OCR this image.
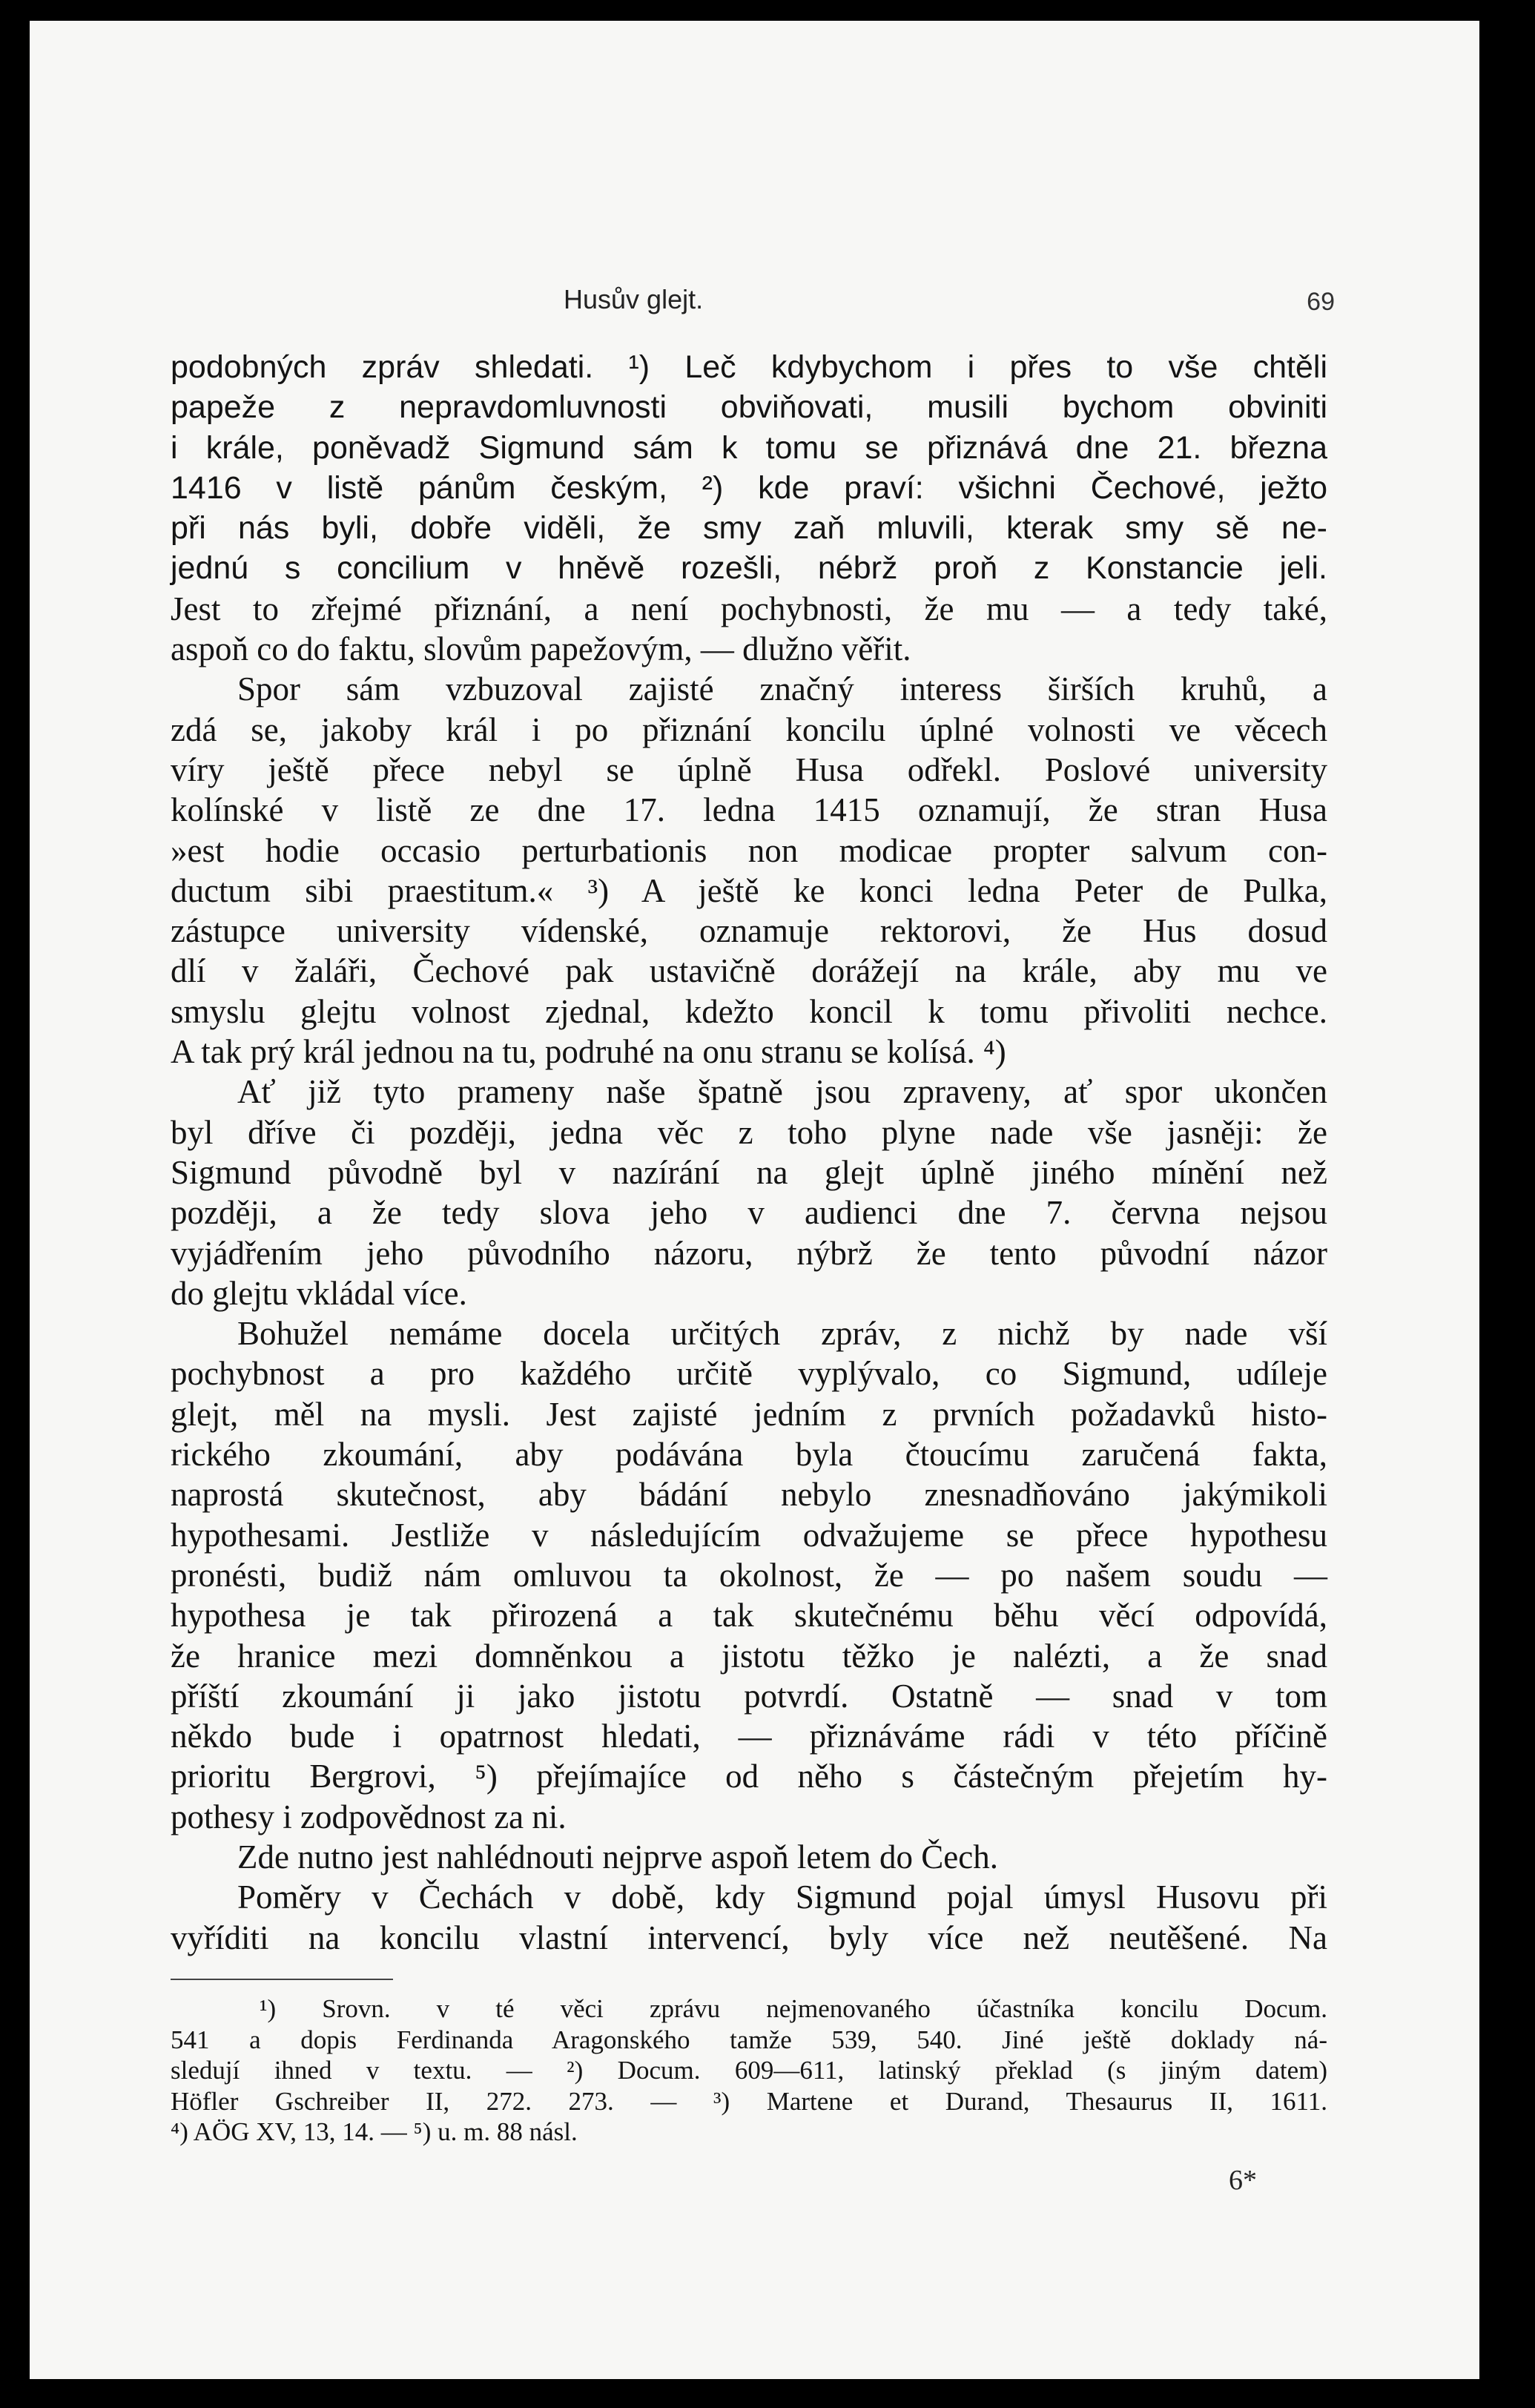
Husův glejt.	69
podobných zpráv shledati. ¹) Leč kdybychom i přes to vše chtěli
papeže z nepravdomluvnosti obviňovati, musili bychom obviniti
i krále, poněvadž Sigmund sám k tomu se přiznává dne 21. března
1416 v listě pánům českým, ²) kde praví: všichni Čechové, ježto
při nás byli, dobře viděli, že smy zaň mluvili, kterak smy sě ne-
jednú s concilium v hněvě rozešli, nébrž proň z Konstancie jeli.
Jest to zřejmé přiznání, a není pochybnosti, že mu — a tedy také,
aspoň co do faktu, slovům papežovým, — dlužno věřit.
Spor sám vzbuzoval zajisté značný interess širších kruhů, a
zdá se, jakoby král i po přiznání koncilu úplné volnosti ve věcech
víry ještě přece nebyl se úplně Husa odřekl. Poslové university
kolínské v listě ze dne 17. ledna 1415 oznamují, že stran Husa
»est hodie occasio perturbationis non modicae propter salvum con-
ductum sibi praestitum.« ³) A ještě ke konci ledna Peter de Pulka,
zástupce university vídenské, oznamuje rektorovi, že Hus dosud
dlí v žaláři, Čechové pak ustavičně dorážejí na krále, aby mu ve
smyslu glejtu volnost zjednal, kdežto koncil k tomu přivoliti nechce.
A tak prý král jednou na tu, podruhé na onu stranu se kolísá. ⁴)
Ať již tyto prameny naše špatně jsou zpraveny, ať spor ukončen
byl dříve či později, jedna věc z toho plyne nade vše jasněji: že
Sigmund původně byl v nazírání na glejt úplně jiného mínění než
později, a že tedy slova jeho v audienci dne 7. června nejsou
vyjádřením jeho původního názoru, nýbrž že tento původní názor
do glejtu vkládal více.
Bohužel nemáme docela určitých zpráv, z nichž by nade vší
pochybnost a pro každého určitě vyplývalo, co Sigmund, udíleje
glejt, měl na mysli. Jest zajisté jedním z prvních požadavků histo-
rického zkoumání, aby podávána byla čtoucímu zaručená fakta,
naprostá skutečnost, aby bádání nebylo znesnadňováno jakýmikoli
hypothesami. Jestliže v následujícím odvažujeme se přece hypothesu
pronésti, budiž nám omluvou ta okolnost, že — po našem soudu —
hypothesa je tak přirozená a tak skutečnému běhu věcí odpovídá,
že hranice mezi domněnkou a jistotu těžko je nalézti, a že snad
příští zkoumání ji jako jistotu potvrdí. Ostatně — snad v tom
někdo bude i opatrnost hledati, — přiznáváme rádi v této příčině
prioritu Bergrovi, ⁵) přejímajíce od něho s částečným přejetím hy-
pothesy i zodpovědnost za ni.
Zde nutno jest nahlédnouti nejprve aspoň letem do Čech.
Poměry v Čechách v době, kdy Sigmund pojal úmysl Husovu při
vyříditi na koncilu vlastní intervencí, byly více než neutěšené. Na
¹) Srovn. v té věci zprávu nejmenovaného účastníka koncilu Docum.
541 a dopis Ferdinanda Aragonského tamže 539, 540. Jiné ještě doklady ná-
sledují ihned v textu. — ²) Docum. 609—611, latinský překlad (s jiným datem)
Höfler Gschreiber II, 272. 273. — ³) Martene et Durand, Thesaurus II, 1611.
⁴) AÖG XV, 13, 14. — ⁵) u. m. 88 násl.
6*
